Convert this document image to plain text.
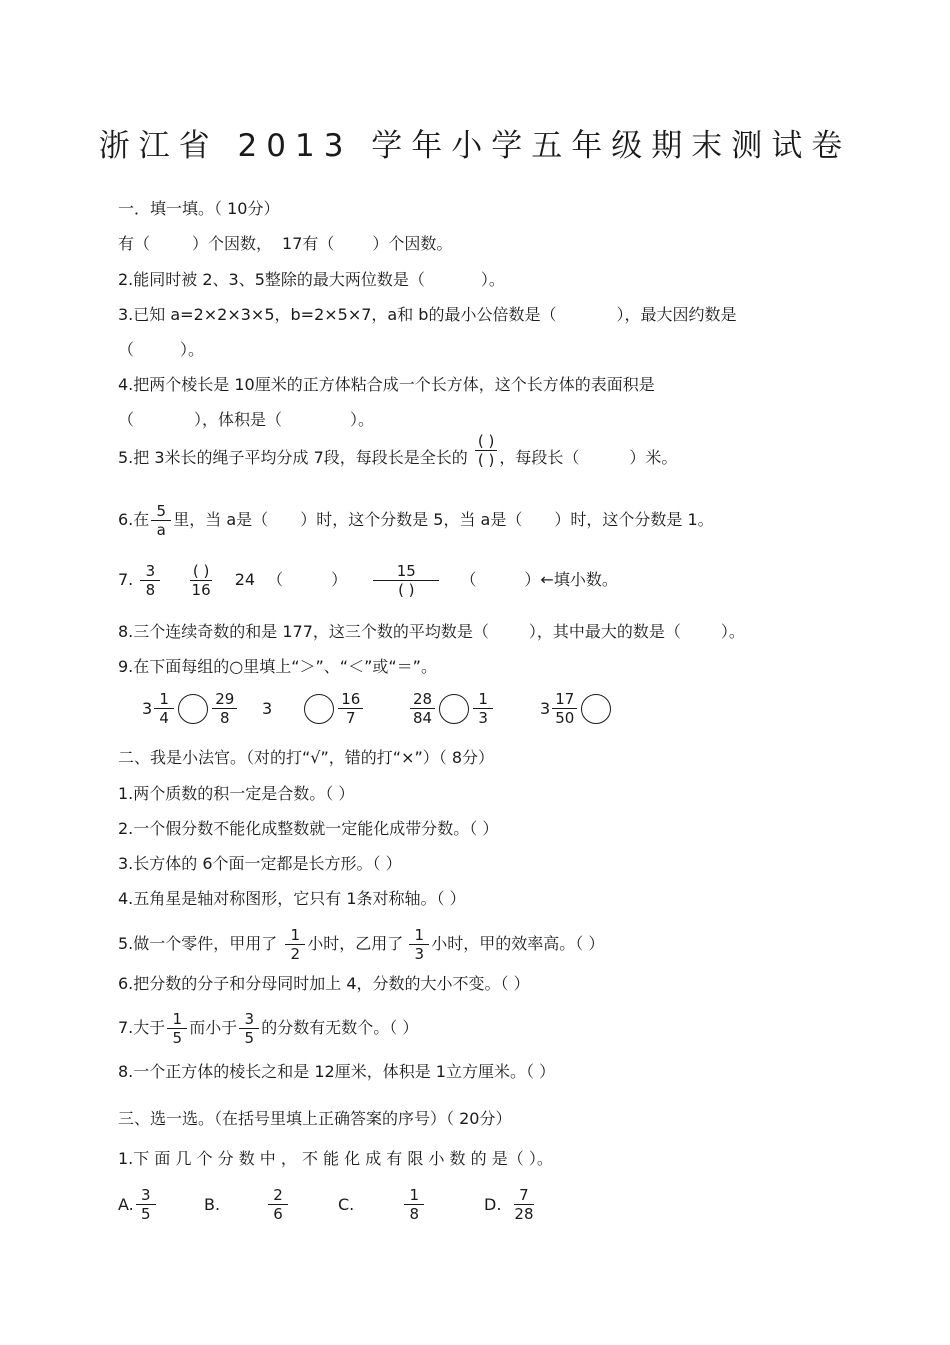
浙江省 2013 学年小学五年级期末测试卷
一．填一填。（ 10分）
有（	）个因数， 17有（ ）个因数。
2.能同时被 2、3、5整除的最大两位数是（	）。
3.已知 a=2×2×3×5，b=2×5×7，a和 b的最小公倍数是（	），最大因约数是
（	）。
4.把两个棱长是 10厘米的正方体粘合成一个长方体，这个长方体的表面积是
（	），体积是（	）。
5.把 3米长的绳子平均分成 7段，每段长是全长的 $\frac{( )}{( )}$ ，每段长（	）米。
6.在 $\frac{5}{a}$ 里，当 a是（ ）时，这个分数是 5，当 a是（ ）时，这个分数是 1。
7. $\frac{3}{8}$
$\frac{( )}{16} 24$ （	） $\frac{15}{( )}$ （	）←填小数。
8.三个连续奇数的和是 177，这三个数的平均数是（	），其中最大的数是（	）。
9.在下面每组的○里填上“＞”、“＜”或“＝”。
$3 \frac{1}{4}$	$\frac{29}{8} 3$	$\frac{16}{7}$	$\frac{28}{84}$	$\frac{1}{3}$	$3 \frac{17}{50}$
二、我是小法官。（对的打“√”，错的打“×”）（ 8分）
1.两个质数的积一定是合数。（ ）
2.一个假分数不能化成整数就一定能化成带分数。（ ）
3.长方体的 6个面一定都是长方形。（ ）
4.五角星是轴对称图形，它只有 1条对称轴。（ ）
5.做一个零件，甲用了 $\frac{1}{2}$ 小时，乙用了 $\frac{1}{3}$ 小时，甲的效率高。（ ）
6.把分数的分子和分母同时加上 4，分数的大小不变。（ ）
7.大于 $\frac{1}{5}$ 而小于 $\frac{3}{5}$ 的分数有无数个。（ ）
8.一个正方体的棱长之和是 12厘米，体积是 1立方厘米。（ ）
三、选一选。（在括号里填上正确答案的序号）（ 20分）
1.下 面 几 个 分 数 中 ， 不 能 化 成 有 限 小 数 的 是（ ）。
A. $\frac{3}{5}$	B.	$\frac{2}{6}$	C.	$\frac{1}{8}$	D. $\frac{7}{28}$
